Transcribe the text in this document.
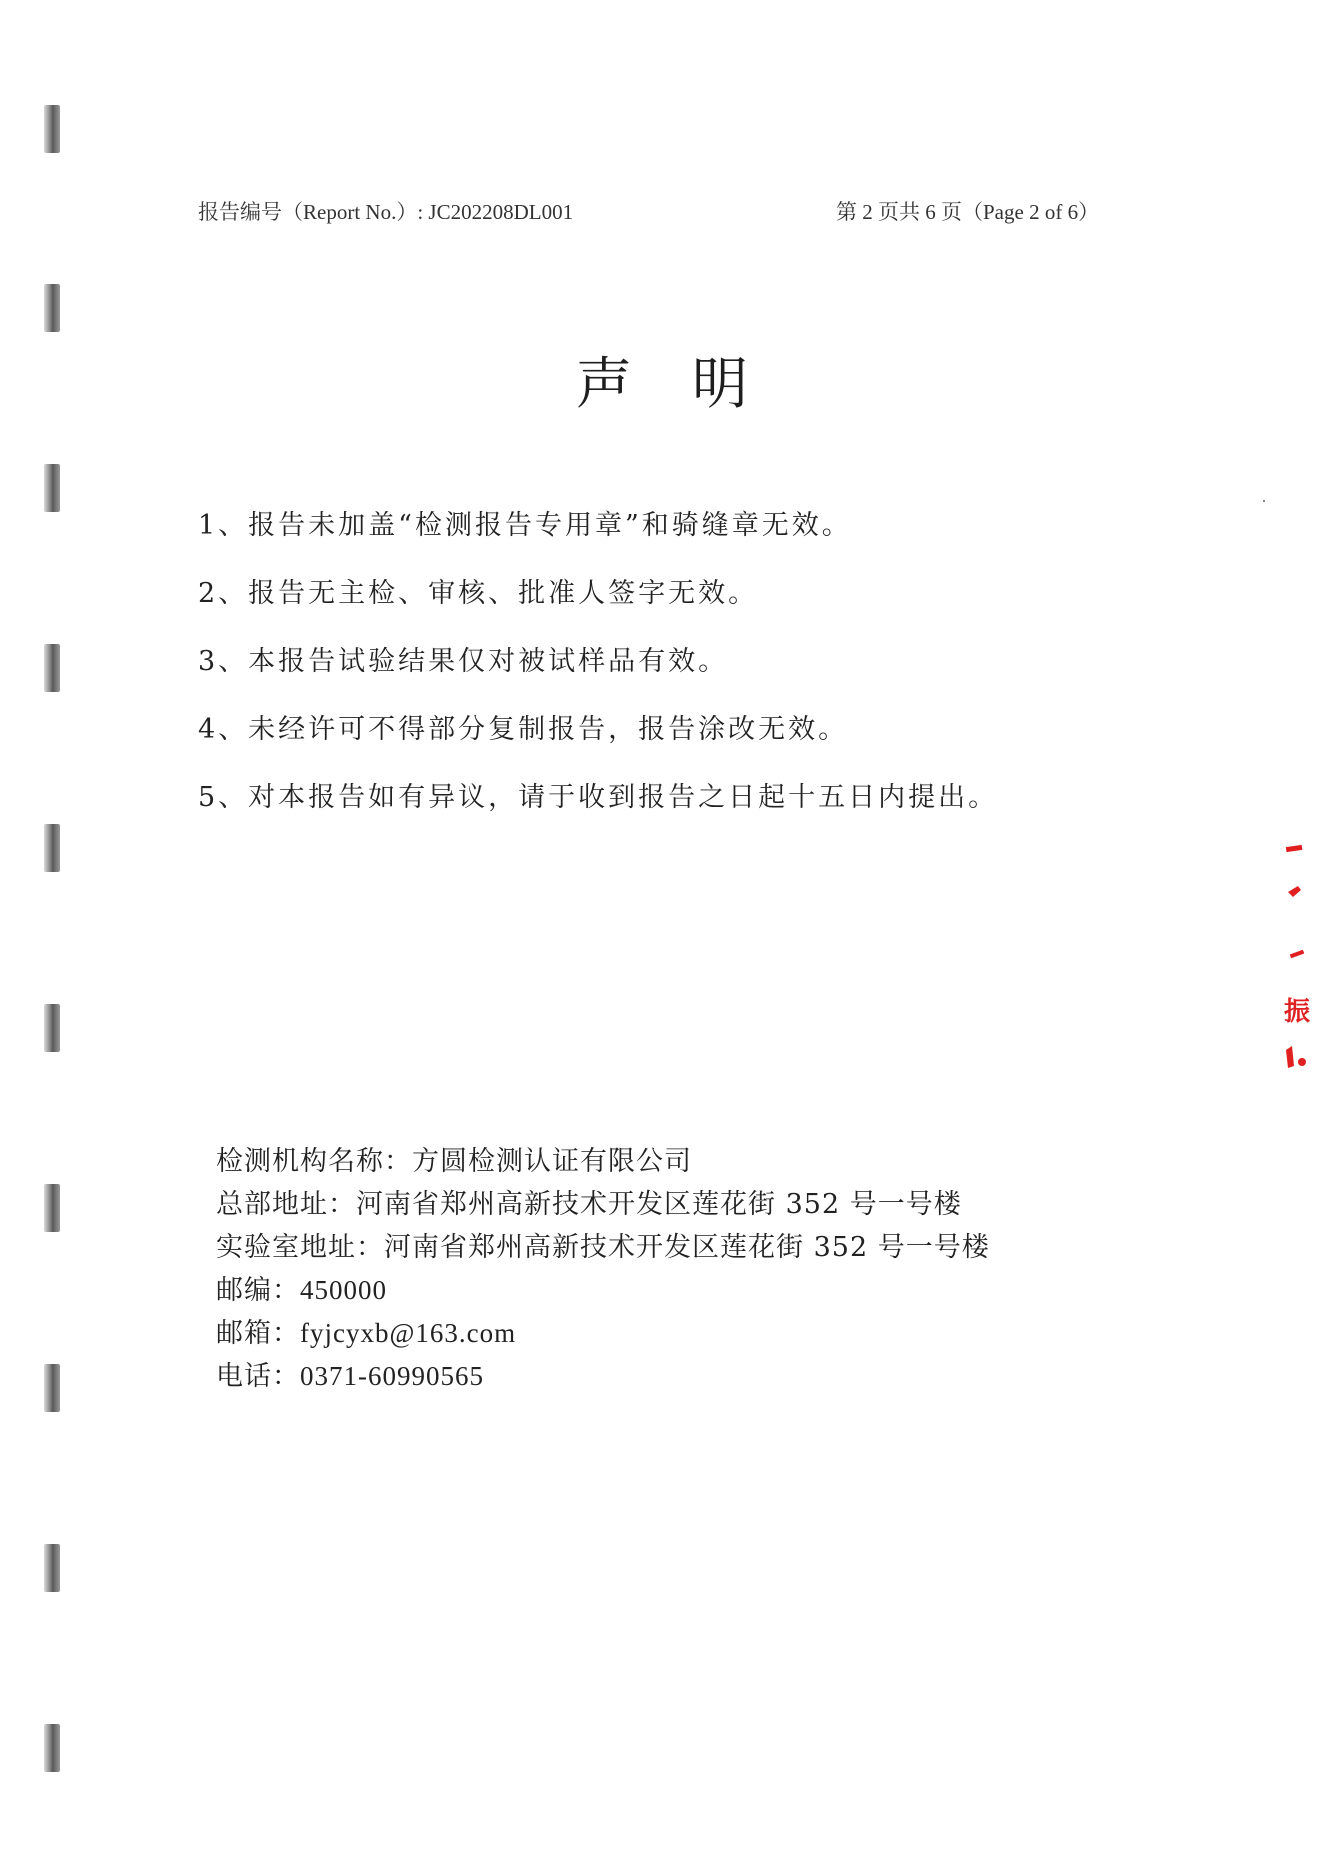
报告编号（Report No.）: JC202208DL001	第 2 页共 6 页（Page 2 of 6）
声明
1、报告未加盖“检测报告专用章”和骑缝章无效。
2、报告无主检、审核、批准人签字无效。
3、本报告试验结果仅对被试样品有效。
4、未经许可不得部分复制报告，报告涂改无效。
5、对本报告如有异议，请于收到报告之日起十五日内提出。
检测机构名称：方圆检测认证有限公司
总部地址：河南省郑州高新技术开发区莲花街 352 号一号楼
实验室地址：河南省郑州高新技术开发区莲花街 352 号一号楼
邮编：450000
邮箱：fyjcyxb@163.com
电话：0371-60990565
振
